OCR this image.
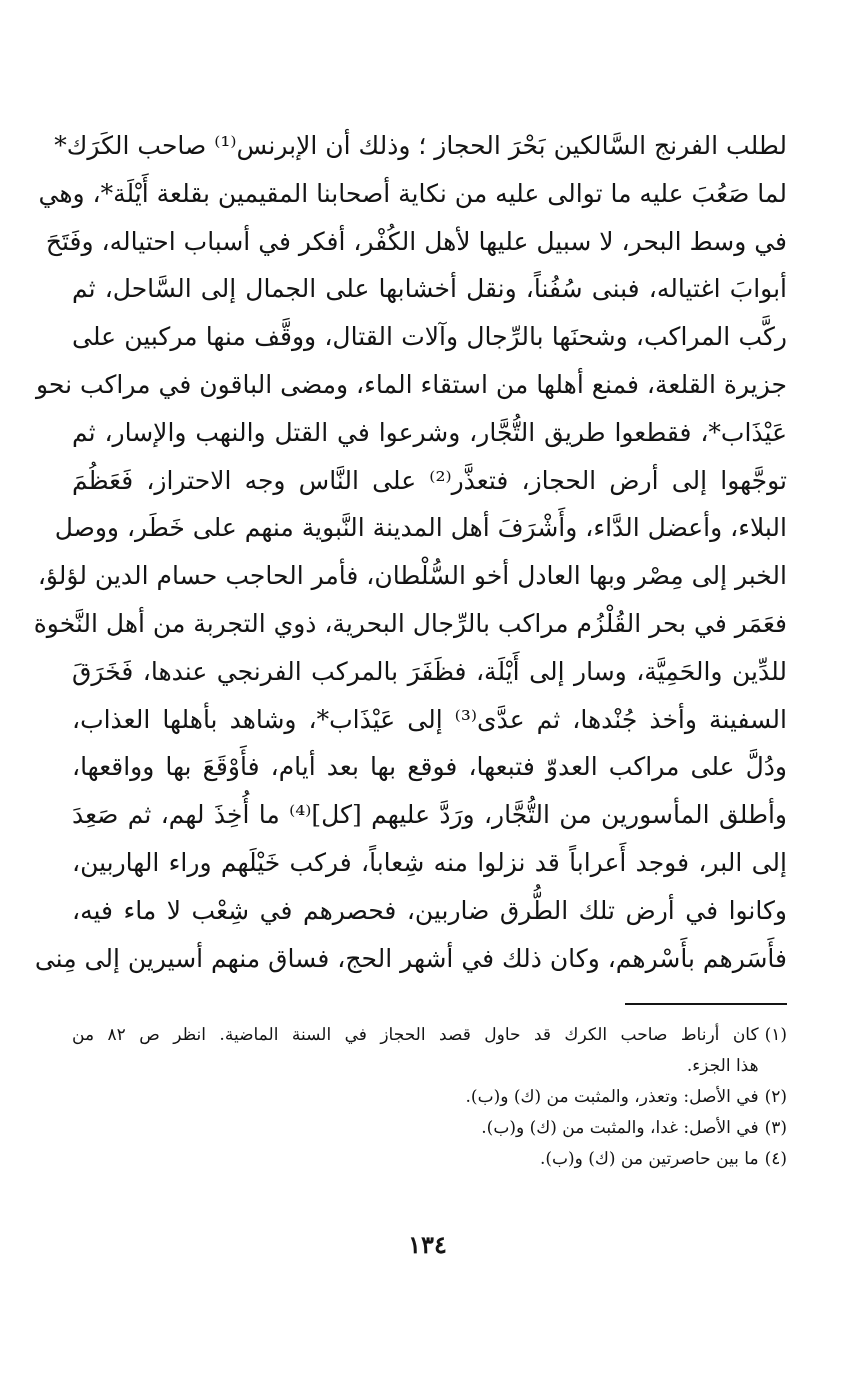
لطلب الفرنج السَّالكين بَحْرَ الحجاز ؛ وذلك أن الإبرنس⁽¹⁾ صاحب الكَرَك*
لما صَعُبَ عليه ما توالى عليه من نكاية أصحابنا المقيمين بقلعة أَيْلَة*، وهي
في وسط البحر، لا سبيل عليها لأهل الكُفْر، أفكر في أسباب احتياله، وفَتَحَ
أبوابَ اغتياله، فبنى سُفُناً، ونقل أخشابها على الجمال إلى السَّاحل، ثم
ركَّب المراكب، وشحنَها بالرِّجال وآلات القتال، ووقَّف منها مركبين على
جزيرة القلعة، فمنع أهلها من استقاء الماء، ومضى الباقون في مراكب نحو
عَيْذَاب*، فقطعوا طريق التُّجَّار، وشرعوا في القتل والنهب والإسار، ثم
توجَّهوا إلى أرض الحجاز، فتعذَّر⁽²⁾ على النَّاس وجه الاحتراز، فَعَظُمَ
البلاء، وأعضل الدَّاء، وأَشْرَفَ أهل المدينة النَّبوية منهم على خَطَر، ووصل
الخبر إلى مِصْر وبها العادل أخو السُّلْطان، فأمر الحاجب حسام الدين لؤلؤ،
فعَمَر في بحر القُلْزُم مراكب بالرِّجال البحرية، ذوي التجربة من أهل النَّخوة
للدِّين والحَمِيَّة، وسار إلى أَيْلَة، فظَفَرَ بالمركب الفرنجي عندها، فَخَرَقَ
السفينة وأخذ جُنْدها، ثم عدَّى⁽³⁾ إلى عَيْذَاب*، وشاهد بأهلها العذاب،
ودُلَّ على مراكب العدوّ فتبعها، فوقع بها بعد أيام، فأَوْقَعَ بها وواقعها،
وأطلق المأسورين من التُّجَّار، ورَدَّ عليهم [كل]⁽⁴⁾ ما أُخِذَ لهم، ثم صَعِدَ
إلى البر، فوجد أَعراباً قد نزلوا منه شِعاباً، فركب خَيْلَهم وراء الهاربين،
وكانوا في أرض تلك الطُّرق ضاربين، فحصرهم في شِعْب لا ماء فيه،
فأَسَرهم بأَسْرهم، وكان ذلك في أشهر الحج، فساق منهم أسيرين إلى مِنى
(١)
كان أرناط صاحب الكرك قد حاول قصد الحجاز في السنة الماضية. انظر ص ٨٢ من
هذا الجزء.
(٢)
في الأصل: وتعذر، والمثبت من (ك) و(ب).
(٣)
في الأصل: غدا، والمثبت من (ك) و(ب).
(٤)
ما بين حاصرتين من (ك) و(ب).
١٣٤
